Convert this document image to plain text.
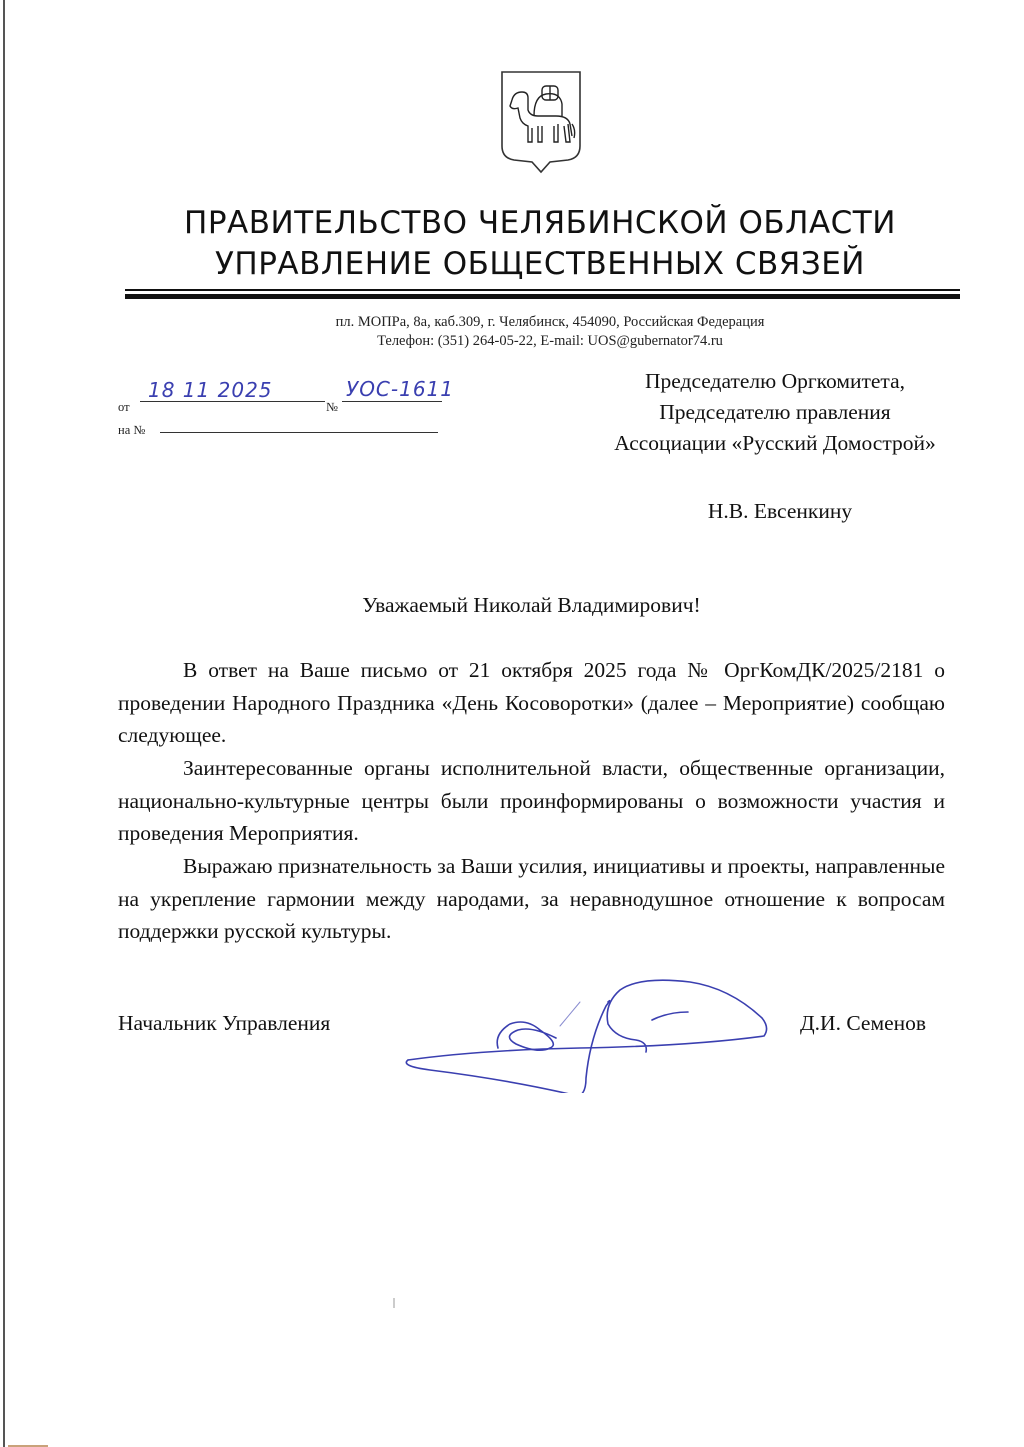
ПРАВИТЕЛЬСТВО ЧЕЛЯБИНСКОЙ ОБЛАСТИ
УПРАВЛЕНИЕ ОБЩЕСТВЕННЫХ СВЯЗЕЙ
пл. МОПРа, 8а, каб.309, г. Челябинск, 454090, Российская Федерация
Телефон: (351) 264-05-22, E-mail: UOS@gubernator74.ru
от
18 11 2025
№
УОС-1611
на №
Председателю Оргкомитета,
Председателю правления
Ассоциации «Русский Домострой»
Н.В. Евсенкину
Уважаемый Николай Владимирович!

В ответ на Ваше письмо от 21 октября 2025 года № ОргКомДК/2025/2181 о проведении Народного Праздника «День Косоворотки» (далее – Мероприятие) сообщаю следующее.

Заинтересованные органы исполнительной власти, общественные организации, национально-культурные центры были проинформированы о возможности участия и проведения Мероприятия.

Выражаю признательность за Ваши усилия, инициативы и проекты, направленные на укрепление гармонии между народами, за неравнодушное отношение к вопросам поддержки русской культуры.

Начальник Управления	Д.И. Семенов
